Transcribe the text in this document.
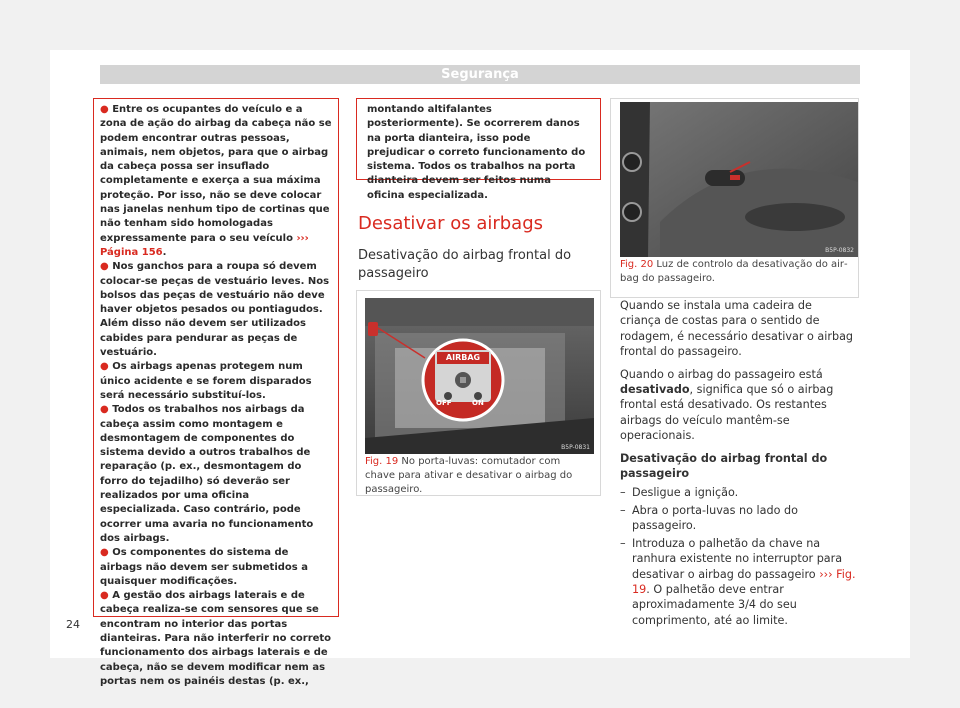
Segurança

● Entre os ocupantes do veículo e a zona de ação do airbag da cabeça não se podem encontrar outras pessoas, animais, nem objetos, para que o airbag da cabeça possa ser insuflado completamente e exerça a sua máxima proteção. Por isso, não se deve colocar nas janelas nenhum tipo de cortinas que não tenham sido homologadas expressamente para o seu veículo ››› Página 156.

● Nos ganchos para a roupa só devem colocar-se peças de vestuário leves. Nos bolsos das peças de vestuário não deve haver objetos pesados ou pontiagudos. Além disso não devem ser utilizados cabides para pendurar as peças de vestuário.

● Os airbags apenas protegem num único acidente e se forem disparados será necessário substituí-los.

● Todos os trabalhos nos airbags da cabeça assim como montagem e desmontagem de componentes do sistema devido a outros trabalhos de reparação (p. ex., desmontagem do forro do tejadilho) só deverão ser realizados por uma oficina especializada. Caso contrário, pode ocorrer uma avaria no funcionamento dos airbags.

● Os componentes do sistema de airbags não devem ser submetidos a quaisquer modificações.

● A gestão dos airbags laterais e de cabeça realiza-se com sensores que se encontram no interior das portas dianteiras. Para não interferir no correto funcionamento dos airbags laterais e de cabeça, não se devem modificar nem as portas nem os painéis destas (p. ex.,

montando altifalantes posteriormente). Se ocorrerem danos na porta dianteira, isso pode prejudicar o correto funcionamento do sistema. Todos os trabalhos na porta dianteira devem ser feitos numa oficina especializada.

Desativar os airbags
Desativação do airbag frontal do passageiro
AIRBAG
OFF	ON
B5P-0831
Fig. 19 No porta-luvas: comutador com chave para ativar e desativar o airbag do passageiro.
B5P-0832
Fig. 20 Luz de controlo da desativação do airbag do passageiro.

Quando se instala uma cadeira de criança de costas para o sentido de rodagem, é necessário desativar o airbag frontal do passageiro.

Quando o airbag do passageiro está desativado, significa que só o airbag frontal está desativado. Os restantes airbags do veículo mantêm-se operacionais.

Desativação do airbag frontal do passageiro

– Desligue a ignição.
– Abra o porta-luvas no lado do passageiro.
– Introduza o palhetão da chave na ranhura existente no interruptor para desativar o airbag do passageiro ››› Fig. 19. O palhetão deve entrar aproximadamente 3/4 do seu comprimento, até ao limite.
24
